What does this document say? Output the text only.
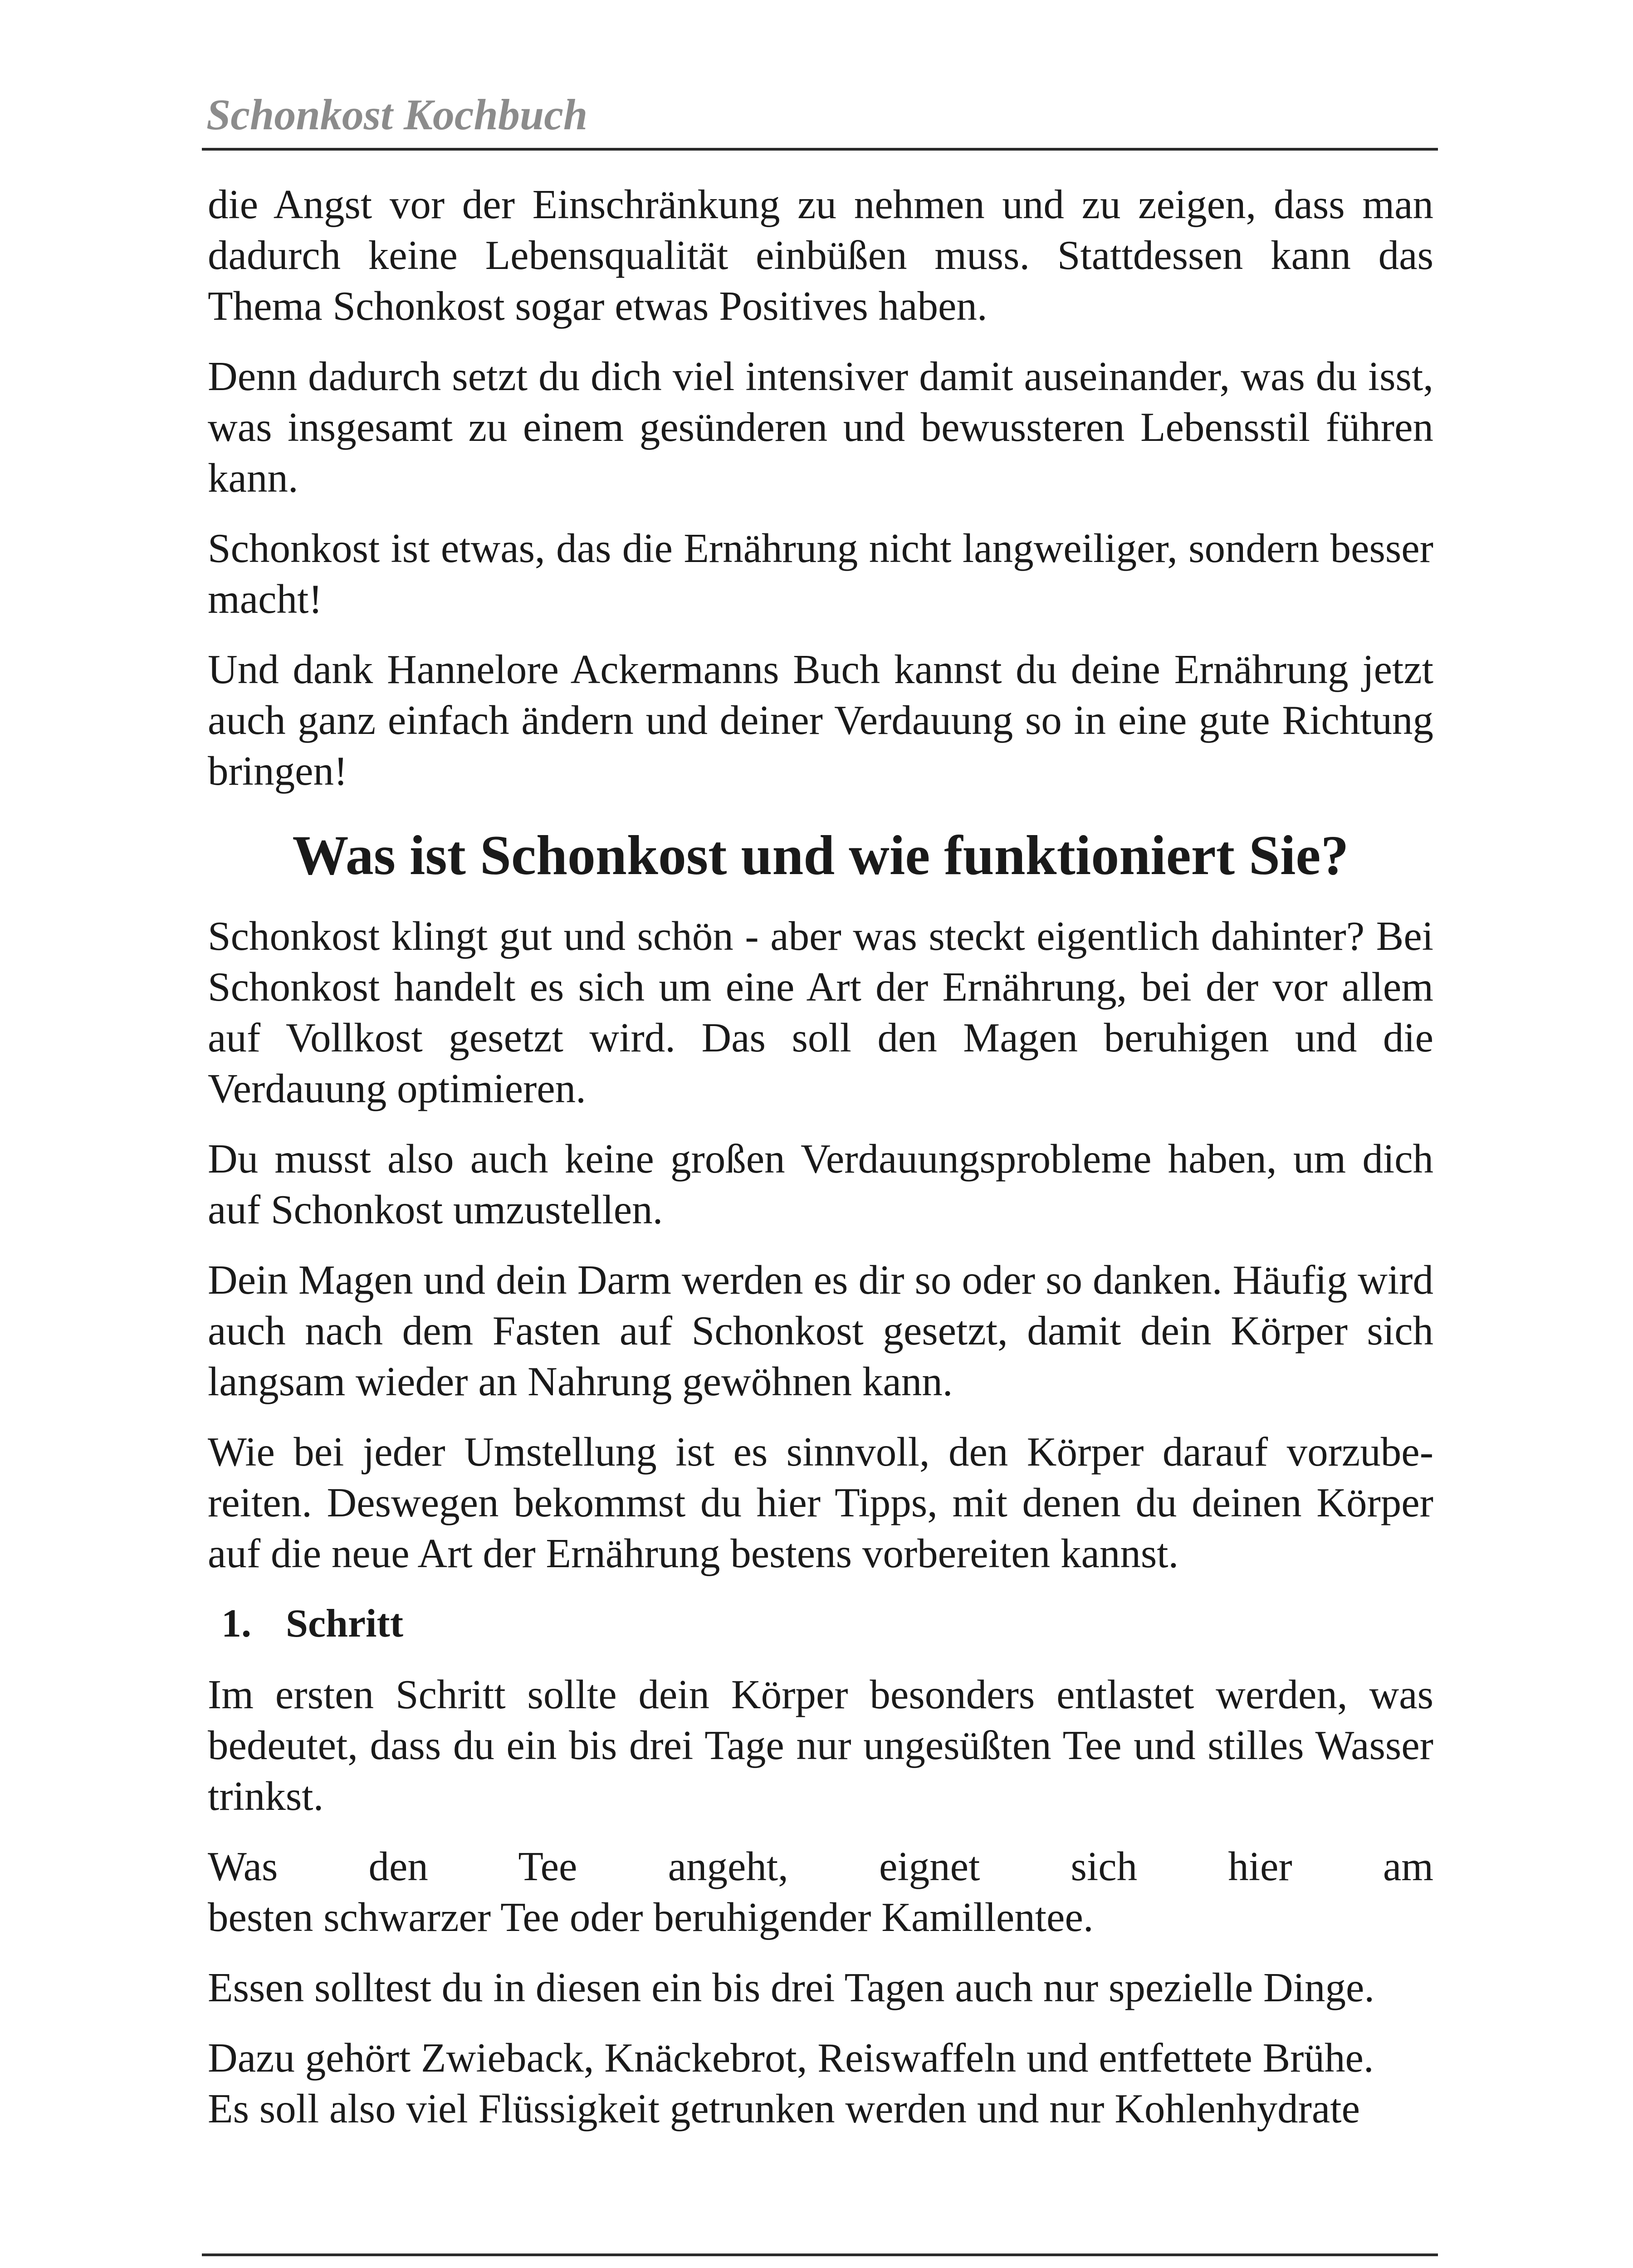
Schonkost Kochbuch

die Angst vor der Einschränkung zu nehmen und zu zeigen, dass man dadurch keine Lebensqualität einbüßen muss. Stattdessen kann das Thema Schonkost sogar etwas Positives haben.

Denn dadurch setzt du dich viel intensiver damit auseinander, was du isst, was insgesamt zu einem gesünderen und bewussteren Lebensstil führen kann.

Schonkost ist etwas, das die Ernährung nicht langweiliger, sondern besser macht!

Und dank Hannelore Ackermanns Buch kannst du deine Ernährung jetzt auch ganz einfach ändern und deiner Verdauung so in eine gute Richtung bringen!

Was ist Schonkost und wie funktioniert Sie?

Schonkost klingt gut und schön - aber was steckt eigentlich dahinter? Bei Schonkost handelt es sich um eine Art der Ernährung, bei der vor allem auf Vollkost gesetzt wird. Das soll den Magen beruhigen und die Verdauung optimieren.

Du musst also auch keine großen Verdauungsprobleme haben, um dich auf Schonkost umzustellen.

Dein Magen und dein Darm werden es dir so oder so danken. Häufig wird auch nach dem Fasten auf Schonkost gesetzt, damit dein Körper sich langsam wieder an Nahrung gewöhnen kann.

Wie bei jeder Umstellung ist es sinnvoll, den Körper darauf vorzubereiten. Deswegen bekommst du hier Tipps, mit denen du deinen Körper auf die neue Art der Ernährung bestens vorbereiten kannst.

1. Schritt

Im ersten Schritt sollte dein Körper besonders entlastet werden, was bedeutet, dass du ein bis drei Tage nur ungesüßten Tee und stilles Wasser trinkst.

Was den Tee angeht, eignet sich hier am

besten schwarzer Tee oder beruhigender Kamillentee.

Essen solltest du in diesen ein bis drei Tagen auch nur spezielle Dinge.

Dazu gehört Zwieback, Knäckebrot, Reiswaffeln und entfettete Brühe.

Es soll also viel Flüssigkeit getrunken werden und nur Kohlenhydrate
